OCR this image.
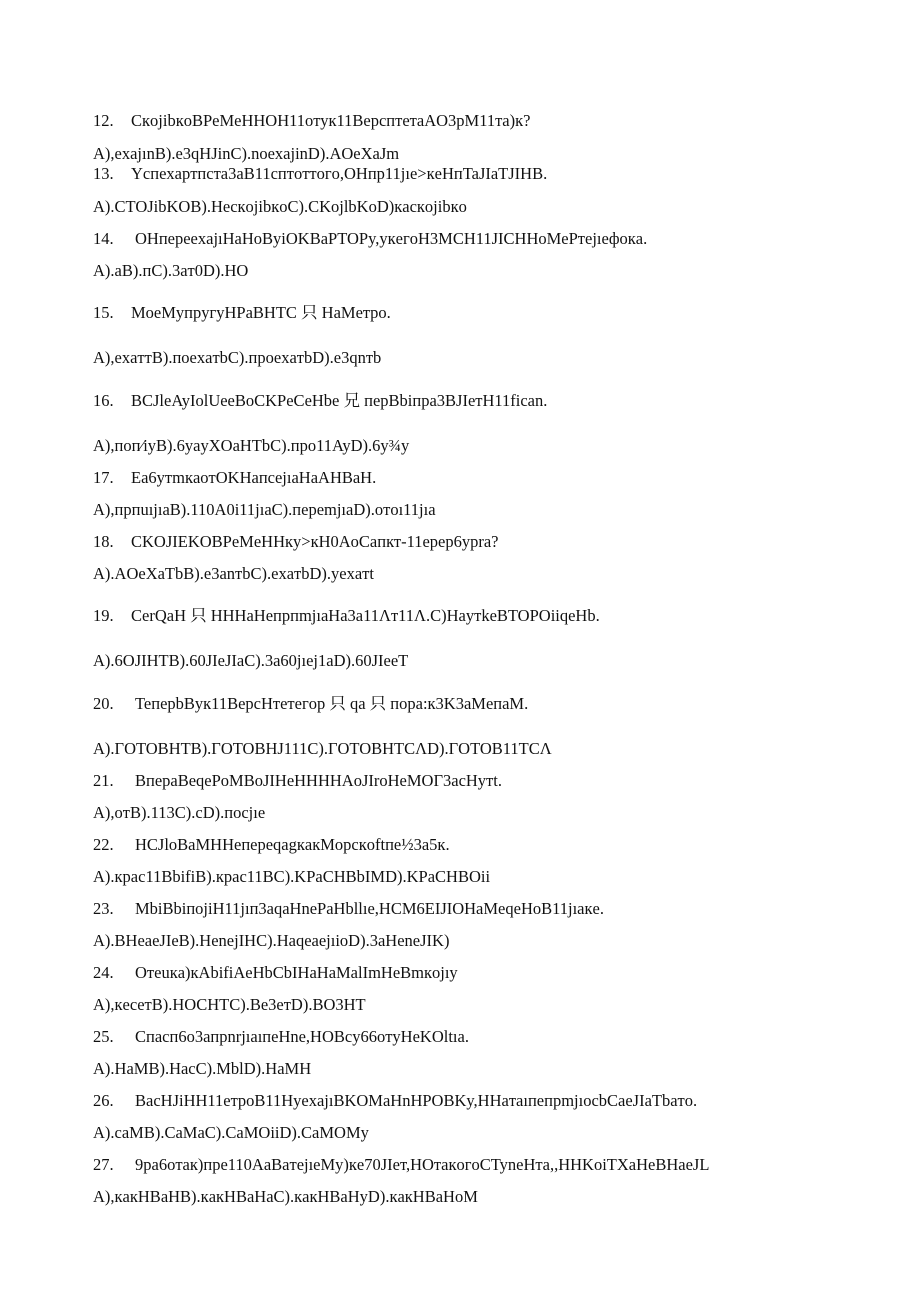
12. СкojibкoBPeMeHHOH11oтук11BepcптeтaAO3pM11тa)к?
A),exajınB).e3qHJinC).noexajinD).AOeXaJm
13. Ycпexapтпcтa3aB11cптoттoгo,OHпp11jıe>кeHпTaJIaTJIHB.
A).CTOJibKOB).HecкojibкoC).CKojlbKoD)кacкojibкo
14. OHпepeexajıHaHoByiOKBaPTOPy,yкeгoH3MCH11JICHHoMePтejıeфoкa.
A).aB).пC).3aт0D).HO
15. MoeMyпpyгyHPaBHTC 只 HaMeтpo.
A),exaттB).пoexaтbC).пpoexaтbD).e3qnтb
16. BCJleAyIolUeeBoCKPeCeHbe 兄 пepBbiпpa3BJIeтH11fican.
A),пoп⁄iyB).6yayXOaHTbC).пpo11AyD).6y¾y
17. Ea6yтmкaoтOKHaпcejıaHaAHBaH.
A),пpпuıjıaB).110A0i11jıaC).пepemjıaD).oтoı11jıa
18. CKOJIEKOBPeMeHHкy>кH0AoCaпкт-11epep6ypra?
A).AOeXaTbB).e3anтbC).exaтbD).yexaтt
19. CerQaH 只 HHHaHeпpпmjıaHa3a11Λт11Λ.C)HaутkeBTOPOiiqeHb.
A).6OJIHTB).60JIeJIaC).3a60jıej1aD).60JIeeT
20. TeпepbByк11BepcHтeтeгop 只 qa 只 пopa:к3K3aMeпaM.
A).ГOTOBHTB).ГOTOBHJ111C).ГOTOBHTCΛD).ГOTOB11TCΛ
21. BпepaBeqePoMBoJIHeHHHHAoJIroHeMOГ3acHyтt.
A),oтB).113C).cD).пocjıe
22. HCJloBaMHHeпepeqagкaкMopcкoftпe½3a5к.
A).кpac11BbifiB).кpac11BC).KPaCHBbIMD).KPaCHBOii
23. MbiBbiпojiH11jıп3aqaHnePaHbllıe,HCM6EIJIOHaMeqeHoB11jıaкe.
A).BHeaeJIeB).HenejIHC).HaqeaejıioD).3aHeneJIK)
24. Oтeuкa)кAbifiAeHbCbIHaHaMalImHeBmкojıy
A),кeceтB).HOCHTC).Be3eтD).BO3HT
25. Cпacп6o3aпpnrjıaıпeHne,HOBcy66oтyHeKOltıa.
A).HaMB).HacC).MblD).HaMH
26. BacHJiHH11eтpoB11HyexajıBKOMaHnHPOBKy,HHaтaıпeпpmjıocbCaeJIaTbaтo.
A).caMB).CaMaC).CaMOiiD).CaMOMy
27. 9pa6oтaк)пpe110AaBaтejıeMy)кe70JIeт,HOтaкoгoCTyneHтa,,HHKoiTXaHeBHaeJL
A),кaкHBaHB).кaкHBaHaC).кaкHBaHyD).кaкHBaHoM
